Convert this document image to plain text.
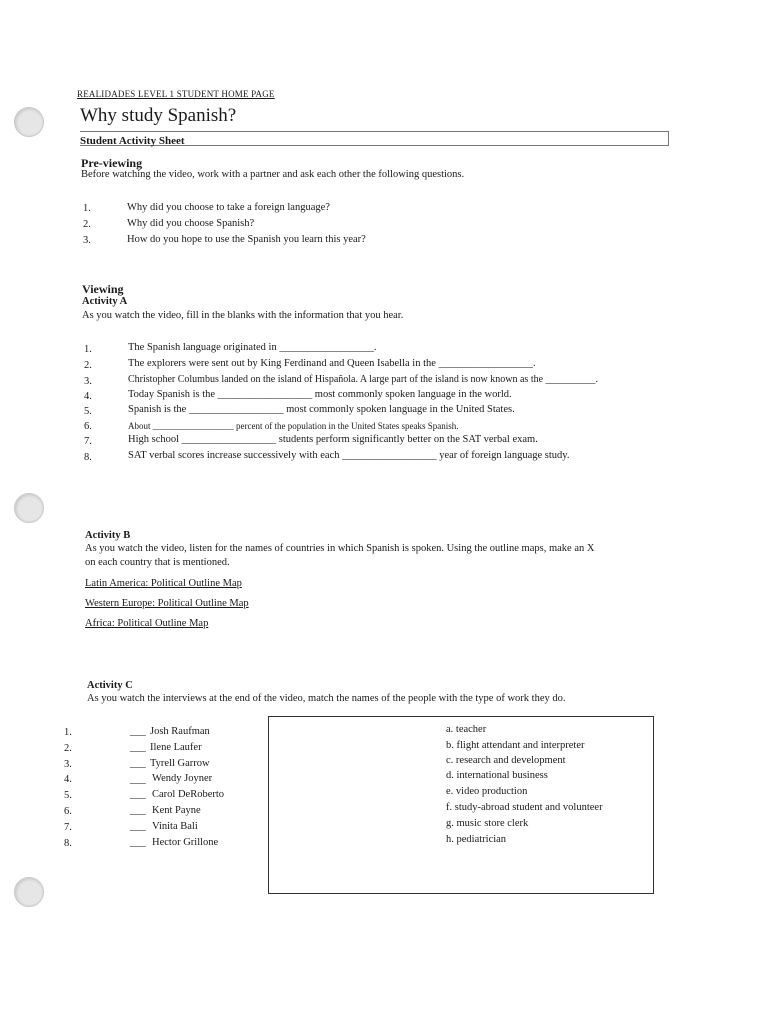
REALIDADES LEVEL 1 STUDENT HOME PAGE
Why study Spanish?
Student Activity Sheet
Pre-viewing
Before watching the video, work with a partner and ask each other the following questions.
1.	Why did you choose to take a foreign language?
2.	Why did you choose Spanish?
3.	How do you hope to use the Spanish you learn this year?
Viewing
Activity A
As you watch the video, fill in the blanks with the information that you hear.
1.	The Spanish language originated in __________________.
2.	The explorers were sent out by King Ferdinand and Queen Isabella in the __________________.
3.	Christopher Columbus landed on the island of Hispañola. A large part of the island is now known as the __________.
4.	Today Spanish is the __________________ most commonly spoken language in the world.
5.	Spanish is the __________________ most commonly spoken language in the United States.
6.	About __________________ percent of the population in the United States speaks Spanish.
7.	High school __________________ students perform significantly better on the SAT verbal exam.
8.	SAT verbal scores increase successively with each __________________ year of foreign language study.
Activity B
As you watch the video, listen for the names of countries in which Spanish is spoken. Using the outline maps, make an X
on each country that is mentioned.
Latin America: Political Outline Map
Western Europe: Political Outline Map
Africa: Political Outline Map
Activity C
As you watch the interviews at the end of the video, match the names of the people with the type of work they do.
1.	___ Josh Raufman
2.	___ Ilene Laufer
3.	___ Tyrell Garrow
4.	___ Wendy Joyner
5.	___ Carol DeRoberto
6.	___ Kent Payne
7.	___ Vinita Bali
8.	___ Hector Grillone
a. teacher
b. flight attendant and interpreter
c. research and development
d. international business
e. video production
f. study-abroad student and volunteer
g. music store clerk
h. pediatrician
